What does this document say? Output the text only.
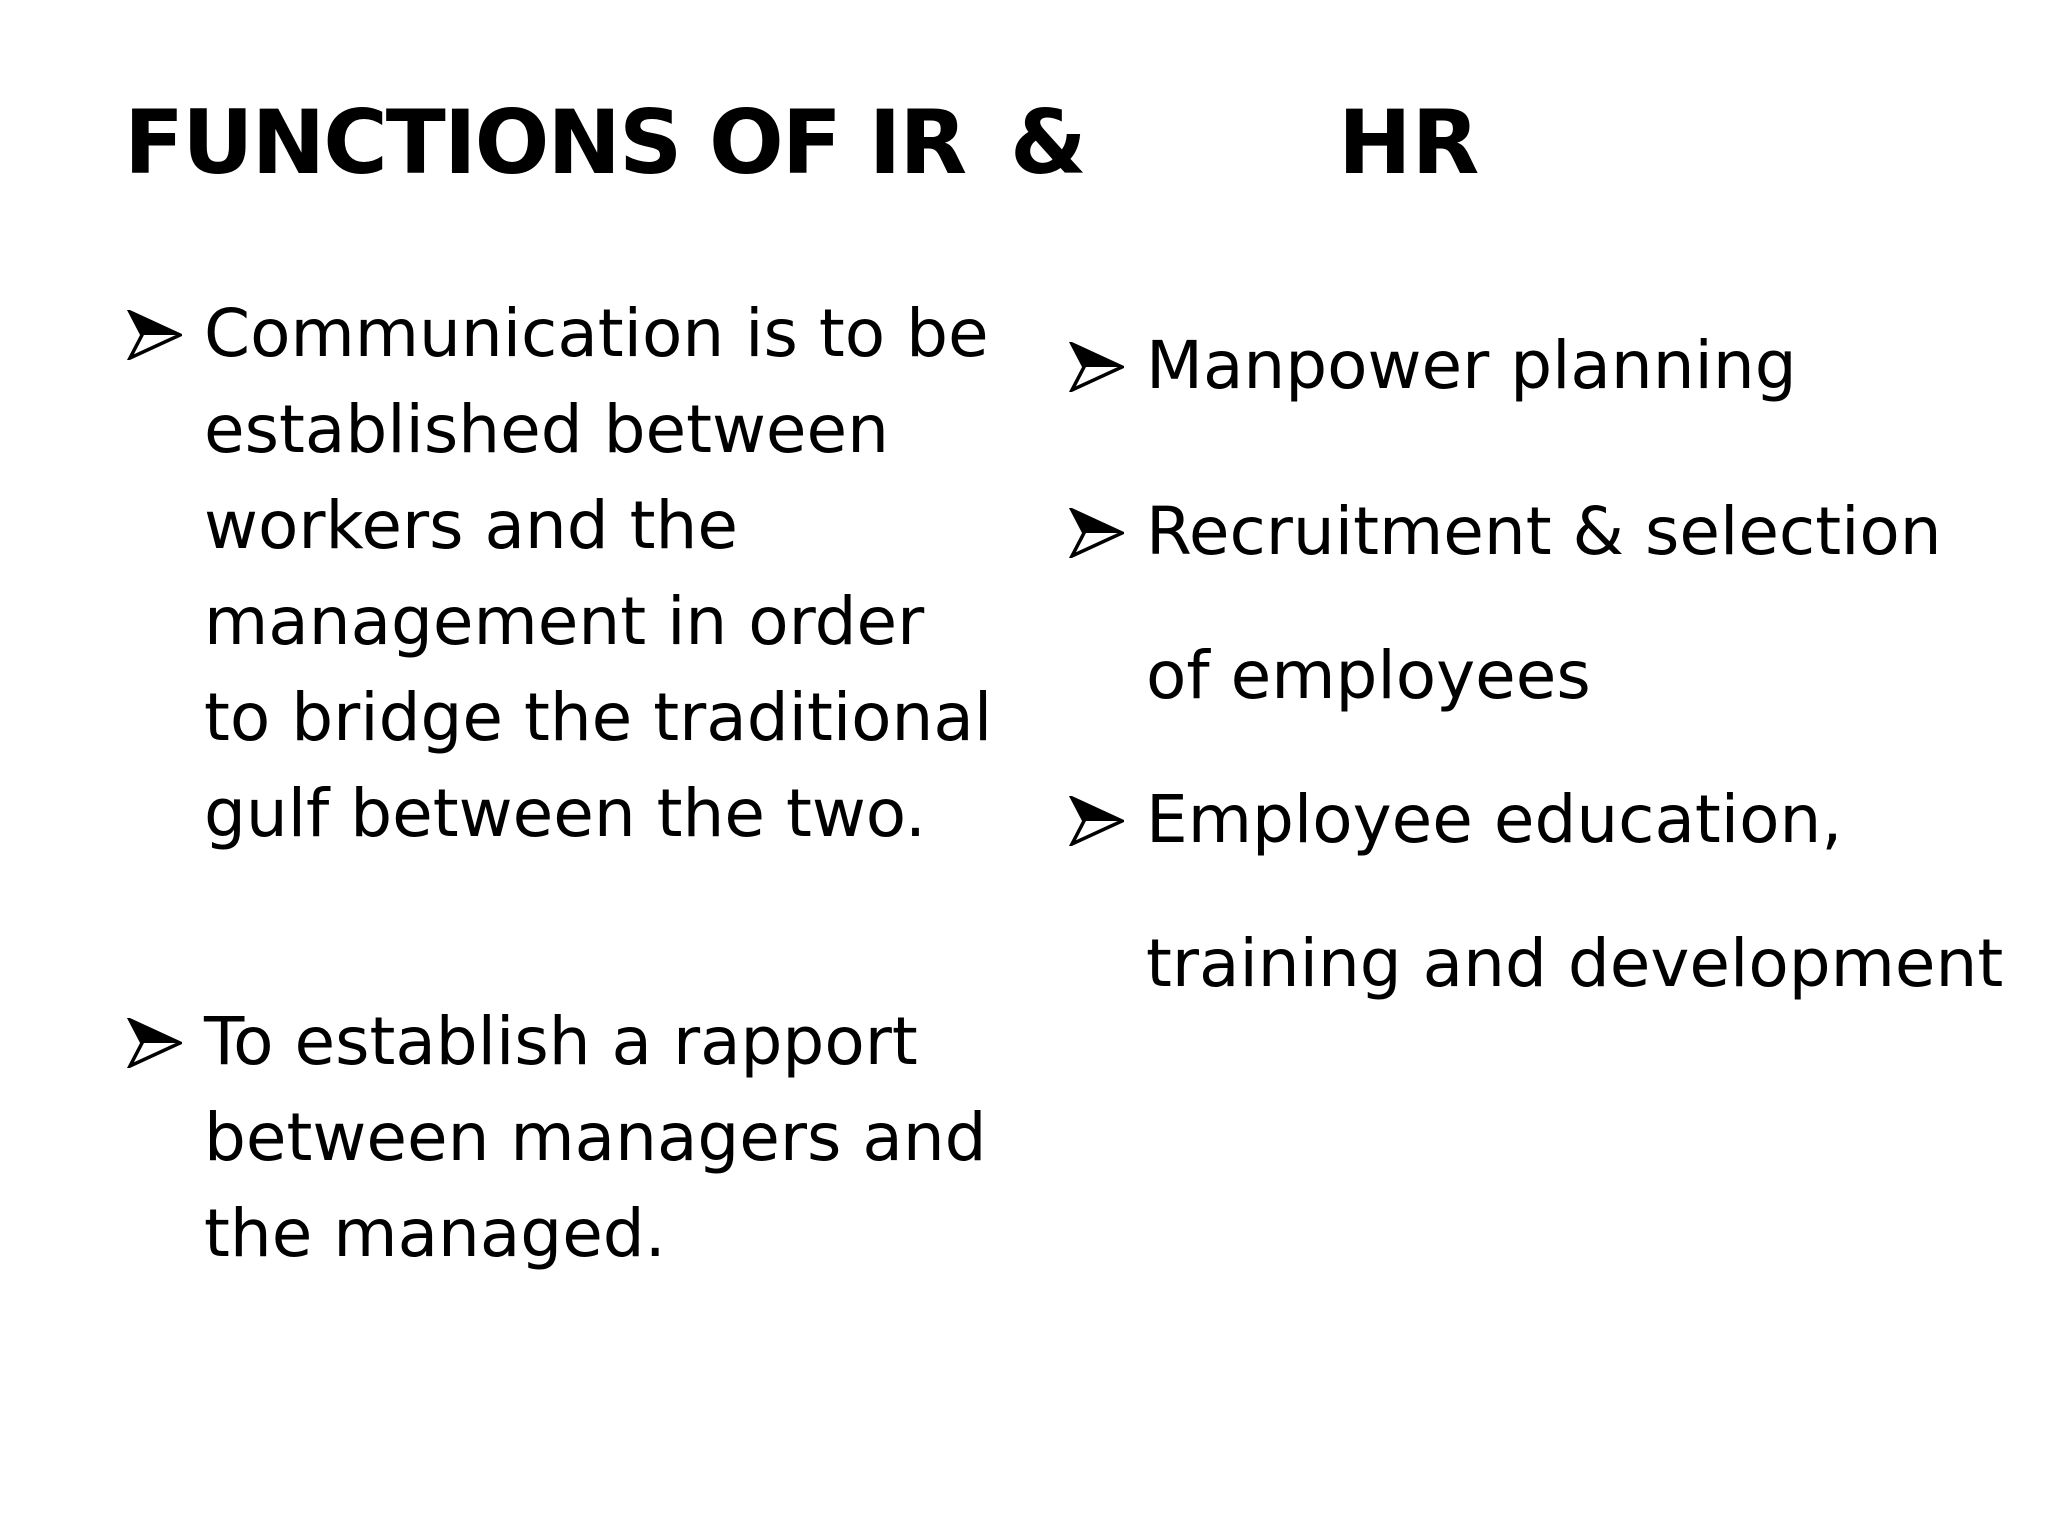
FUNCTIONS OF IR &	HR
Communication is to be established between workers and the management in order to bridge the traditional gulf between the two.
To establish a rapport between managers and the managed.
Manpower planning
Recruitment & selection of employees
Employee education, training and development
